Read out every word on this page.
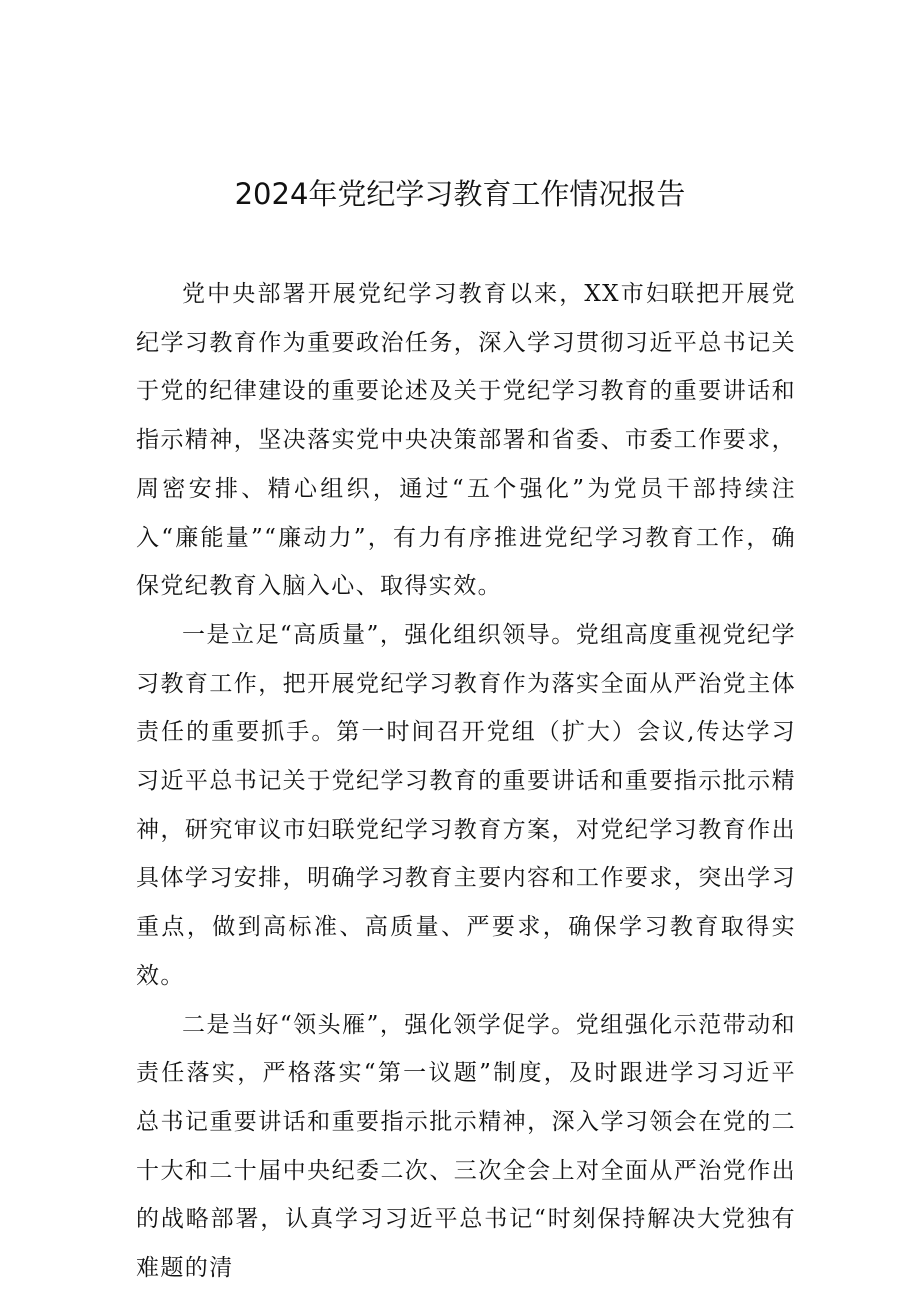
2024年党纪学习教育工作情况报告

党中央部署开展党纪学习教育以来，XX市妇联把开展党纪学习教育作为重要政治任务，深入学习贯彻习近平总书记关于党的纪律建设的重要论述及关于党纪学习教育的重要讲话和指示精神，坚决落实党中央决策部署和省委、市委工作要求，周密安排、精心组织，通过“五个强化”为党员干部持续注入“廉能量”“廉动力”，有力有序推进党纪学习教育工作，确保党纪教育入脑入心、取得实效。

一是立足“高质量”，强化组织领导。党组高度重视党纪学习教育工作，把开展党纪学习教育作为落实全面从严治党主体责任的重要抓手。第一时间召开党组（扩大）会议,传达学习习近平总书记关于党纪学习教育的重要讲话和重要指示批示精神，研究审议市妇联党纪学习教育方案，对党纪学习教育作出具体学习安排，明确学习教育主要内容和工作要求，突出学习重点，做到高标准、高质量、严要求，确保学习教育取得实效。

二是当好“领头雁”，强化领学促学。党组强化示范带动和责任落实，严格落实“第一议题”制度，及时跟进学习习近平总书记重要讲话和重要指示批示精神，深入学习领会在党的二十大和二十届中央纪委二次、三次全会上对全面从严治党作出的战略部署，认真学习习近平总书记“时刻保持解决大党独有难题的清
